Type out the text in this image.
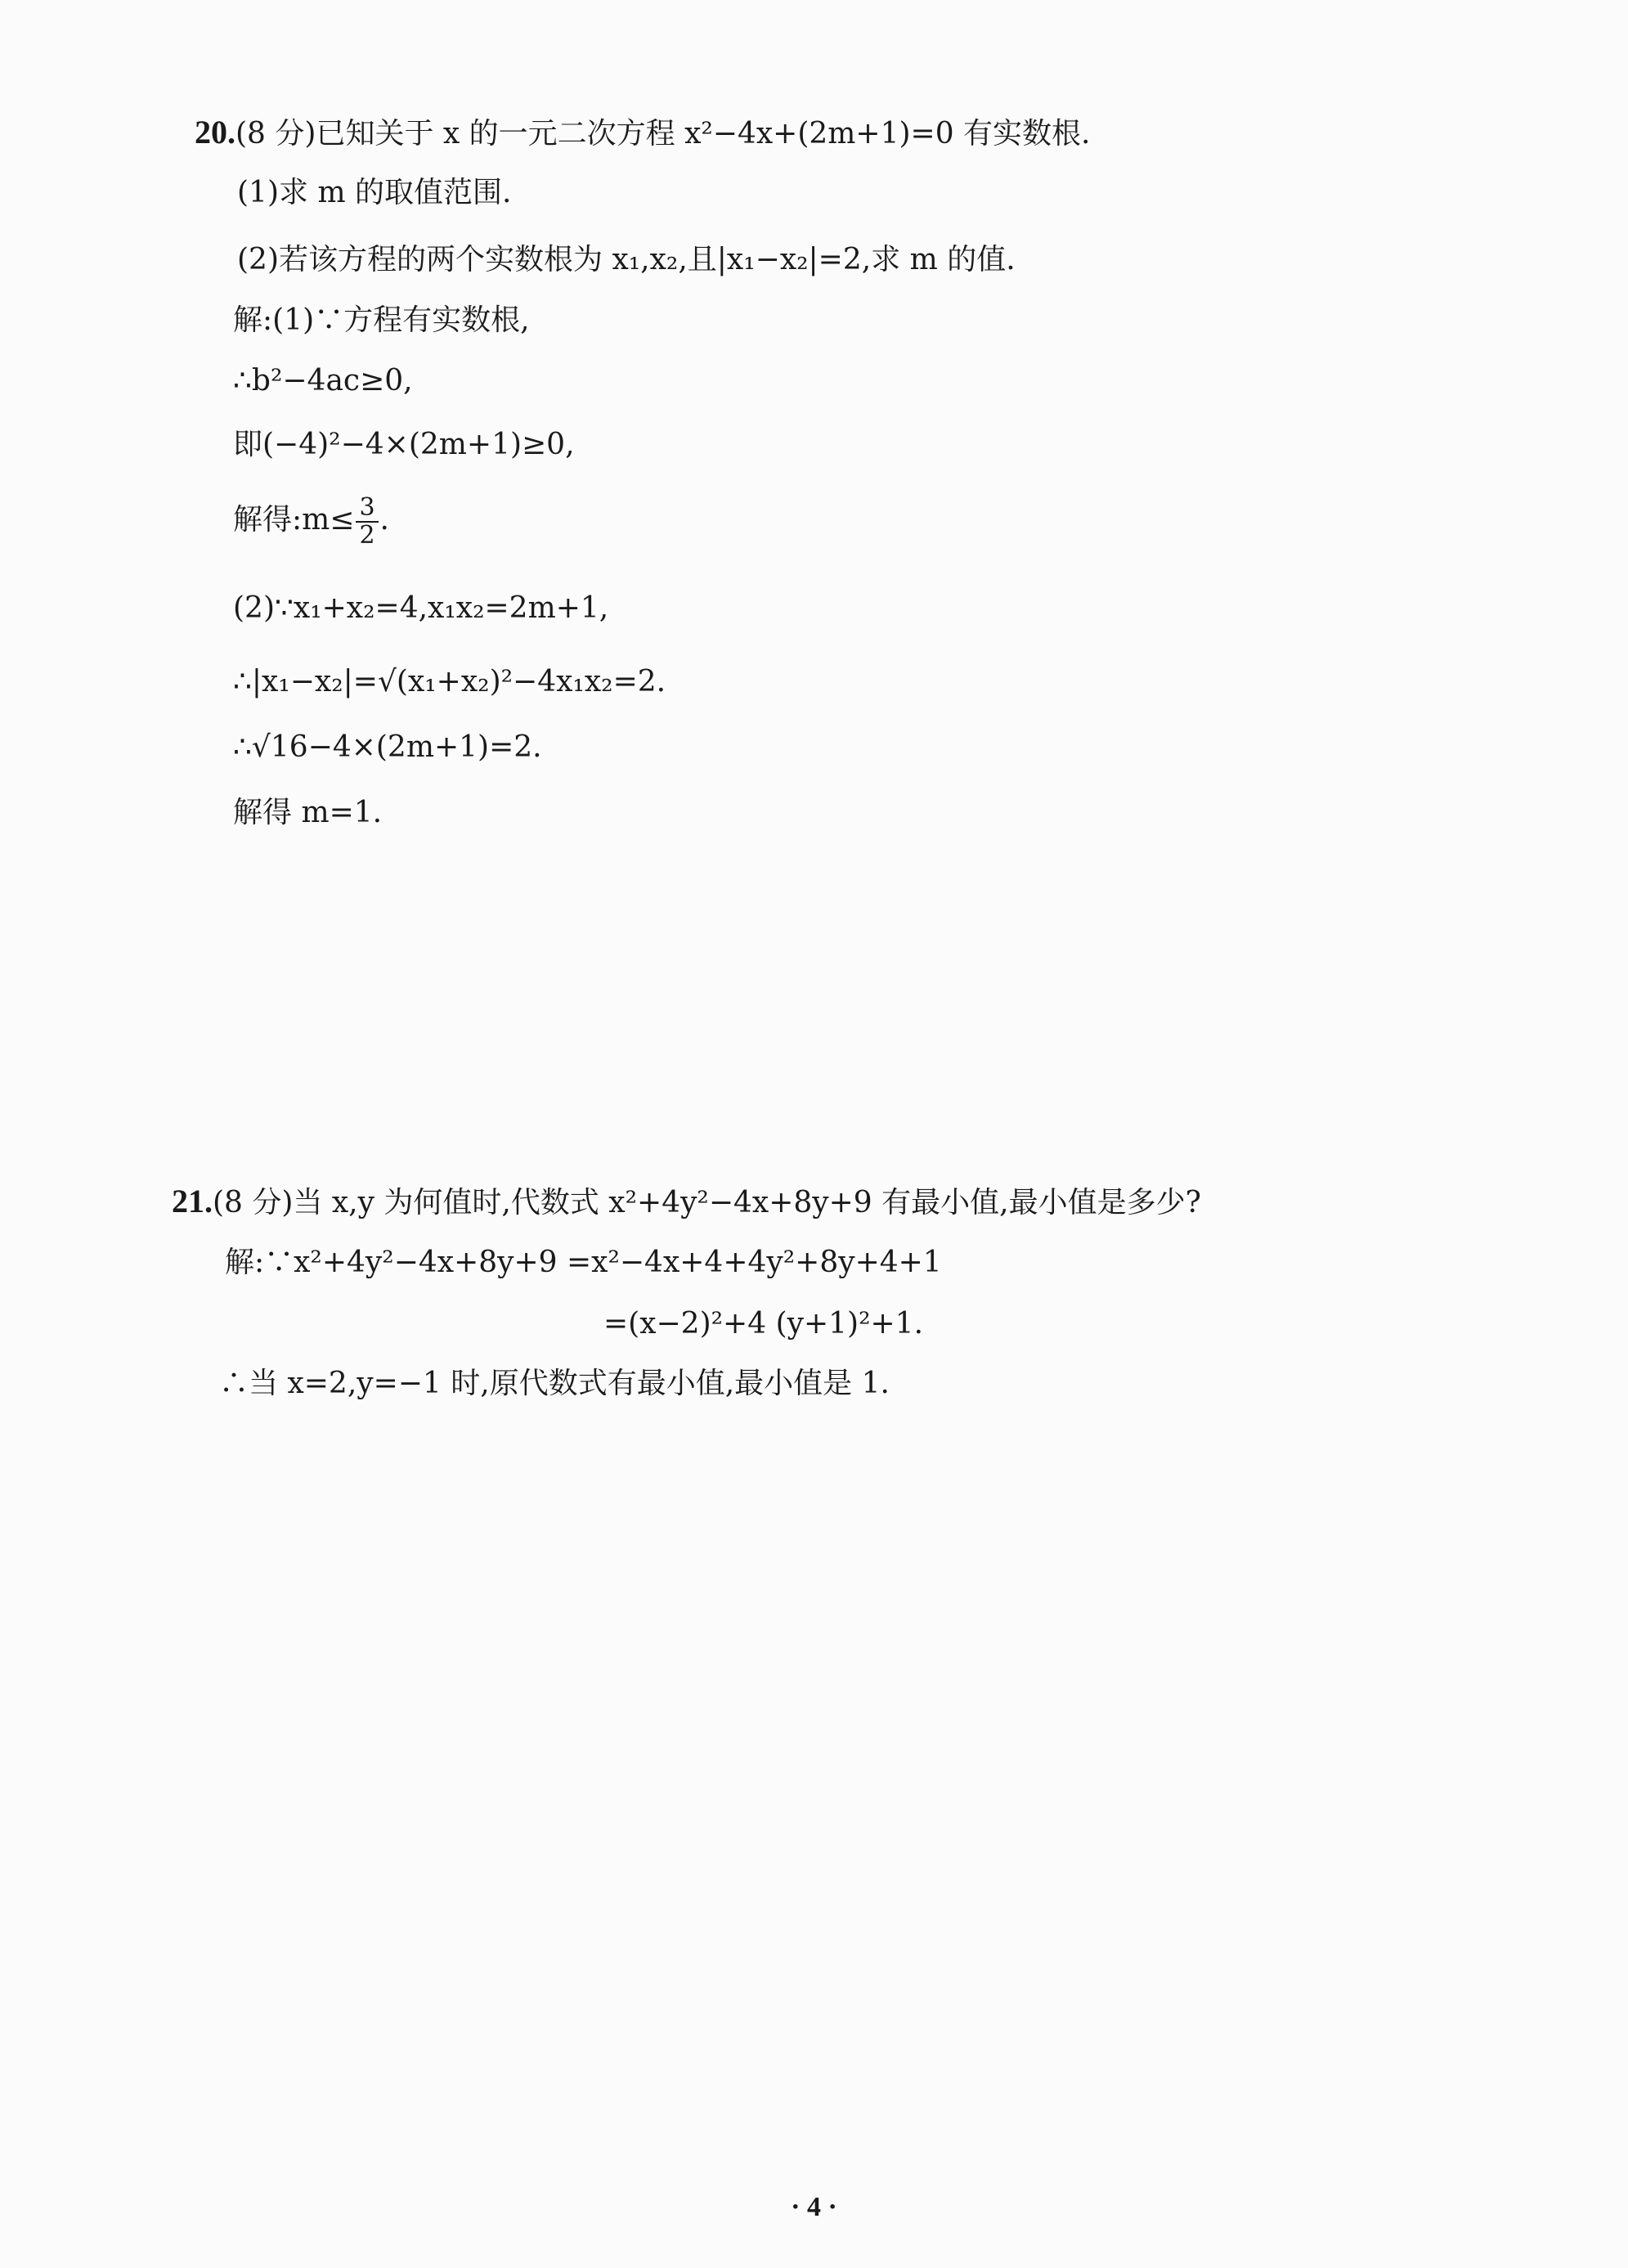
20.(8 分)已知关于 x 的一元二次方程 x²−4x+(2m+1)=0 有实数根.
(1)求 m 的取值范围.
(2)若该方程的两个实数根为 x₁,x₂,且|x₁−x₂|=2,求 m 的值.
解:(1)∵方程有实数根,
∴b²−4ac≥0,
即(−4)²−4×(2m+1)≥0,
解得:m≤ $\frac{3}{2}$ .
(2)∵x₁+x₂=4,x₁x₂=2m+1,
∴|x₁−x₂|=√(x₁+x₂)²−4x₁x₂=2.
∴√16−4×(2m+1)=2.
解得 m=1.
21.(8 分)当 x,y 为何值时,代数式 x²+4y²−4x+8y+9 有最小值,最小值是多少?
解:∵x²+4y²−4x+8y+9 =x²−4x+4+4y²+8y+4+1
=(x−2)²+4 (y+1)²+1.
∴当 x=2,y=−1 时,原代数式有最小值,最小值是 1.
· 4 ·
